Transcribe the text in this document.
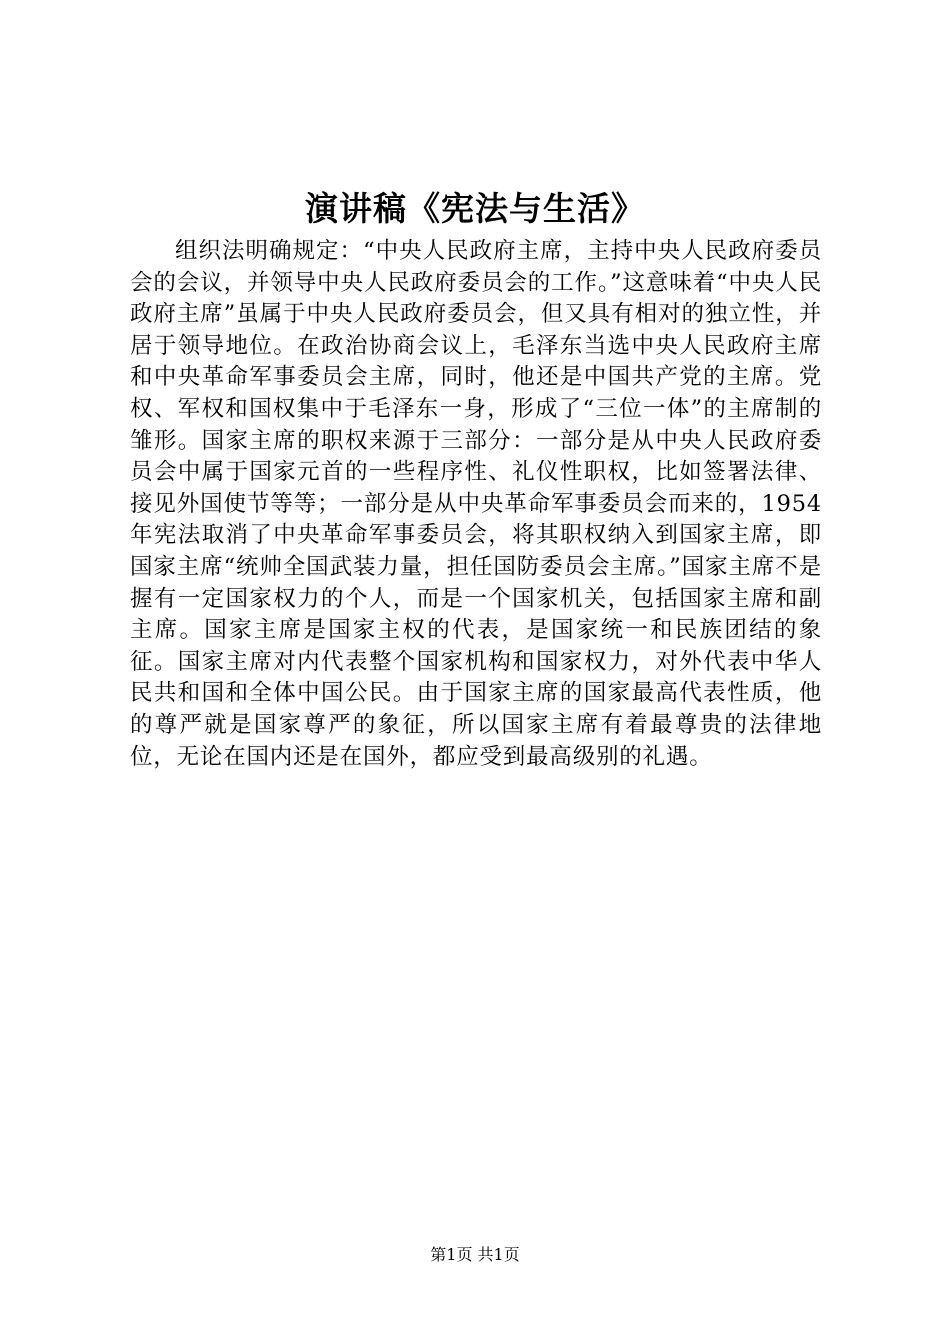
演讲稿《宪法与生活》

组织法明确规定：“中央人民政府主席，主持中央人民政府委员会的会议，并领导中央人民政府委员会的工作。”这意味着“中央人民政府主席”虽属于中央人民政府委员会，但又具有相对的独立性，并居于领导地位。在政治协商会议上，毛泽东当选中央人民政府主席和中央革命军事委员会主席，同时，他还是中国共产党的主席。党权、军权和国权集中于毛泽东一身，形成了“三位一体”的主席制的雏形。国家主席的职权来源于三部分：一部分是从中央人民政府委员会中属于国家元首的一些程序性、礼仪性职权，比如签署法律、接见外国使节等等；一部分是从中央革命军事委员会而来的，1954年宪法取消了中央革命军事委员会，将其职权纳入到国家主席，即国家主席“统帅全国武装力量，担任国防委员会主席。”国家主席不是握有一定国家权力的个人，而是一个国家机关，包括国家主席和副主席。国家主席是国家主权的代表，是国家统一和民族团结的象征。国家主席对内代表整个国家机构和国家权力，对外代表中华人民共和国和全体中国公民。由于国家主席的国家最高代表性质，他的尊严就是国家尊严的象征，所以国家主席有着最尊贵的法律地位，无论在国内还是在国外，都应受到最高级别的礼遇。

第1页 共1页
